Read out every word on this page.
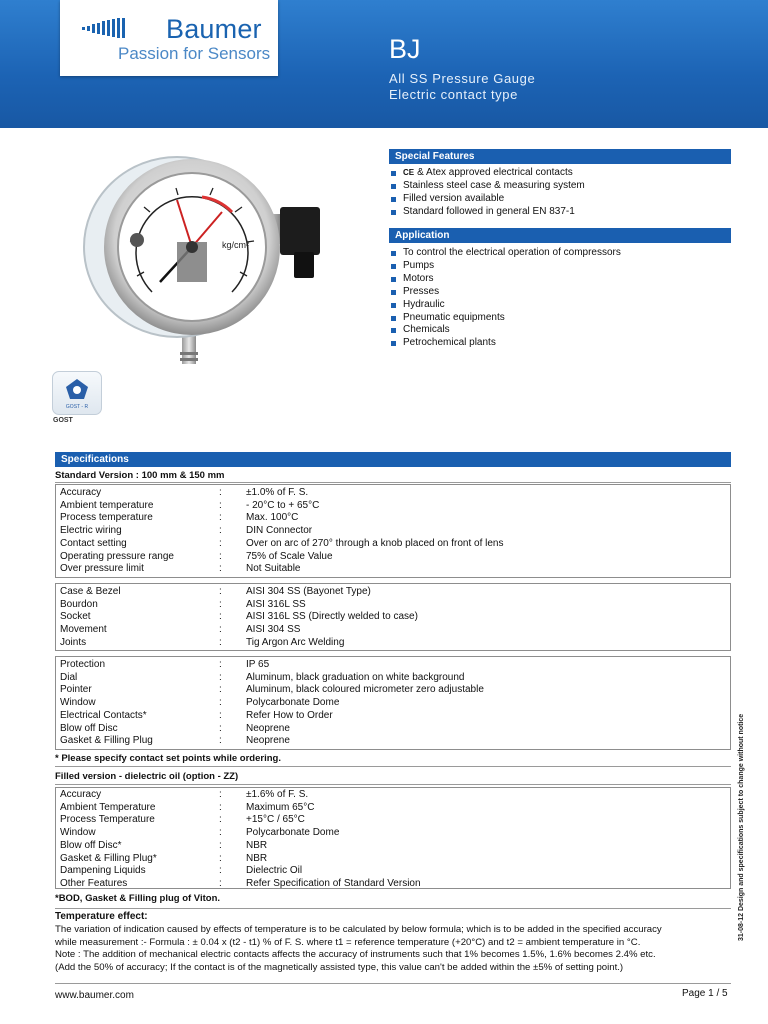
Baumer
Passion for Sensors	BJ
All SS Pressure Gauge
Electric contact type
kg/cm²
GOST - R
GOST
Special Features
CE & Atex approved electrical contacts
Stainless steel case & measuring system
Filled version available
Standard followed in general EN 837-1
Application
To control the electrical operation of compressors
Pumps
Motors
Presses
Hydraulic
Pneumatic equipments
Chemicals
Petrochemical plants
Specifications
Standard Version : 100 mm & 150 mm
Accuracy	: ±1.0% of F. S.
Ambient temperature	: - 20°C to + 65°C
Process temperature	: Max. 100°C
Electric wiring	: DIN Connector
Contact setting	: Over on arc of 270° through a knob placed on front of lens
Operating pressure range	: 75% of Scale Value
Over pressure limit	: Not Suitable
Case & Bezel	: AISI 304 SS (Bayonet Type)
Bourdon	: AISI 316L SS
Socket	: AISI 316L SS (Directly welded to case)
Movement	: AISI 304 SS
Joints	: Tig Argon Arc Welding
Protection	: IP 65
Dial	: Aluminum, black graduation on white background
Pointer	: Aluminum, black coloured micrometer zero adjustable
Window	: Polycarbonate Dome
Electrical Contacts*	: Refer How to Order
Blow off Disc	: Neoprene
Gasket & Filling Plug	: Neoprene
* Please specify contact set points while ordering.
Filled version - dielectric oil (option - ZZ)
Accuracy	: ±1.6% of F. S.
Ambient Temperature	: Maximum 65°C
Process Temperature	: +15°C / 65°C
Window	: Polycarbonate Dome
Blow off Disc*	: NBR
Gasket & Filling Plug*	: NBR
Dampening Liquids	: Dielectric Oil
Other Features	: Refer Specification of Standard Version
*BOD, Gasket & Filling plug of Viton.
Temperature effect:
The variation of indication caused by effects of temperature is to be calculated by below formula; which is to be added in the specified accuracy
while measurement :- Formula : ± 0.04 x (t2 - t1) % of F. S. where t1 = reference temperature (+20°C) and t2 = ambient temperature in °C.
Note : The addition of mechanical electric contacts affects the accuracy of instruments such that 1% becomes 1.5%, 1.6% becomes 2.4% etc.
(Add the 50% of accuracy; If the contact is of the magnetically assisted type, this value can't be added within the ±5% of setting point.)
31-08-12 Design and specifications subject to change without notice
www.baumer.com	Page 1 / 5
